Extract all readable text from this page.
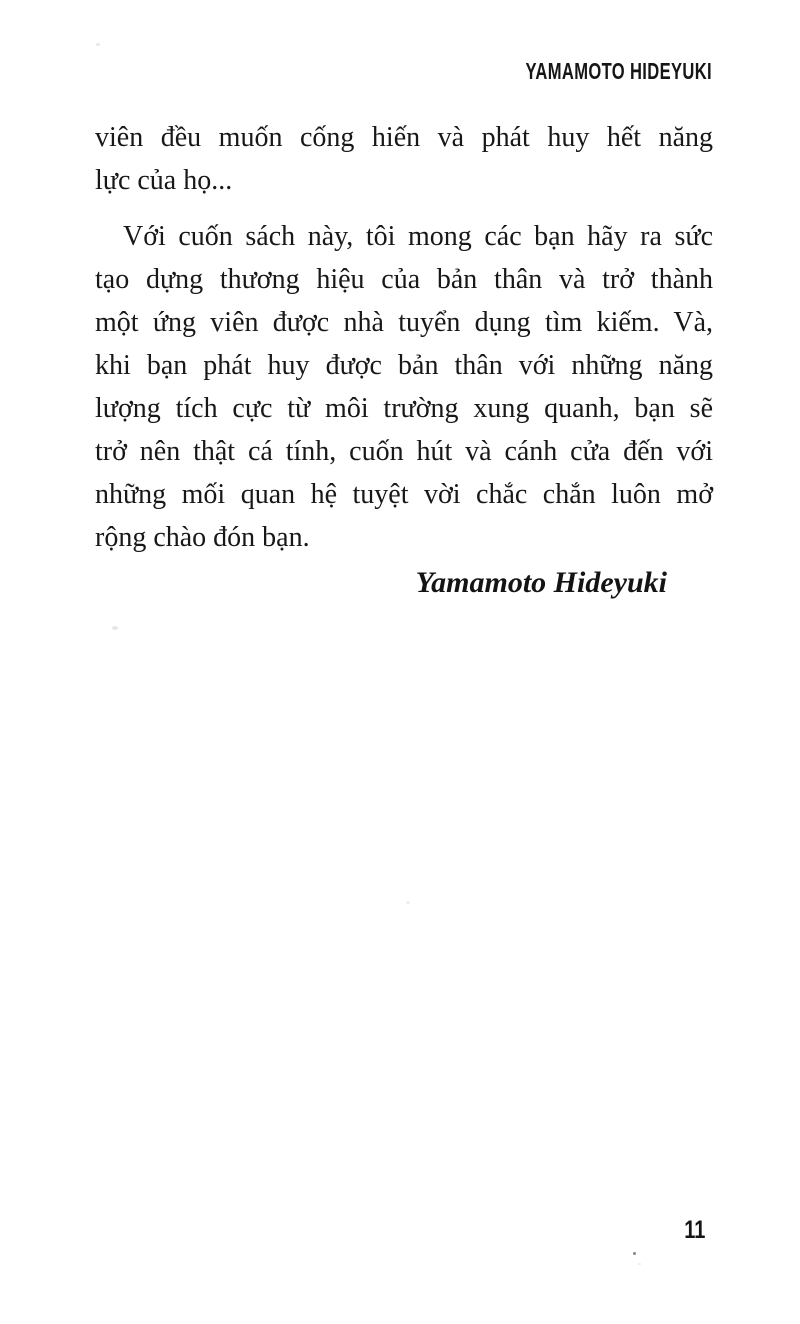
YAMAMOTO HIDEYUKI
viên đều muốn cống hiến và phát huy hết năng
lực của họ...
Với cuốn sách này, tôi mong các bạn hãy ra sức
tạo dựng thương hiệu của bản thân và trở thành
một ứng viên được nhà tuyển dụng tìm kiếm. Và,
khi bạn phát huy được bản thân với những năng
lượng tích cực từ môi trường xung quanh, bạn sẽ
trở nên thật cá tính, cuốn hút và cánh cửa đến với
những mối quan hệ tuyệt vời chắc chắn luôn mở
rộng chào đón bạn.
Yamamoto Hideyuki
11
